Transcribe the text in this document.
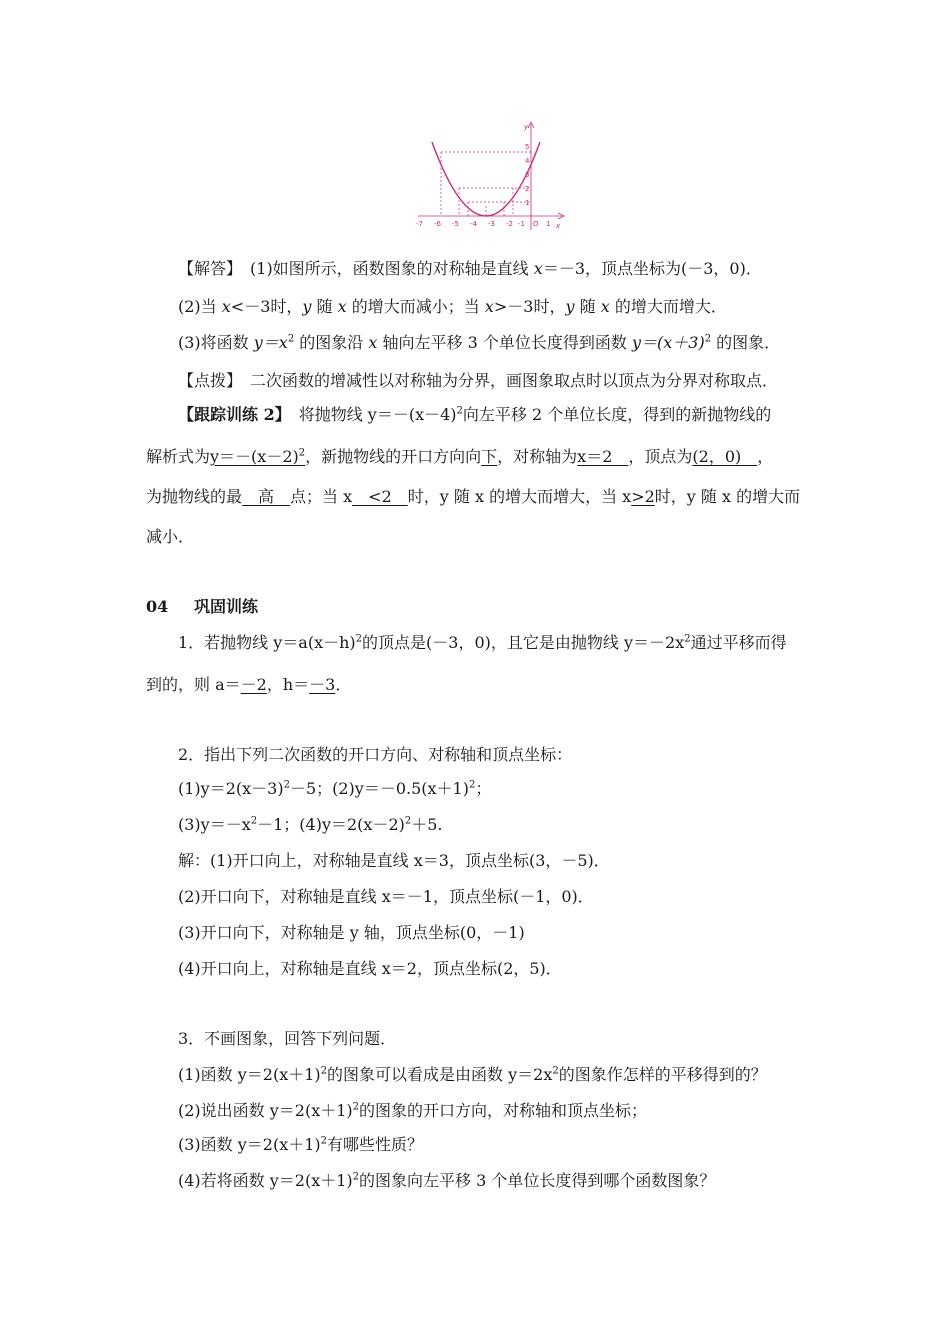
y
x
O
-7 -6 -5 -4 -3 -2 -1	1
5
4
3
2
1
【解答】　(1)如图所示，函数图象的对称轴是直线 x＝－3，顶点坐标为(－3，0)．
(2)当 x<－3时，y 随 x 的增大而减小；当 x>－3时，y 随 x 的增大而增大．
(3)将函数 $y=x^2$ 的图象沿 x 轴向左平移 3 个单位长度得到函数 $y=(x+3)^2$ 的图象．
【点拨】　二次函数的增减性以对称轴为分界，画图象取点时以顶点为分界对称取点．
【跟踪训练 2】　将抛物线 $y=-(x-4)^2$向左平移 2 个单位长度，得到的新抛物线的
解析式为$y=-(x-2)^2$，新抛物线的开口方向向下，对称轴为x＝2　，顶点为(2，0)　，
为抛物线的最　高　点；当 x　<2　时，y 随 x 的增大而增大，当 x>2时，y 随 x 的增大而
减小．
04 巩固训练
1．若抛物线 $y=a(x-h)^2$的顶点是(－3，0)，且它是由抛物线 $y=-2x^2$通过平移而得
到的，则 a＝－2，h＝－3．
2．指出下列二次函数的开口方向、对称轴和顶点坐标：
$(1)y=2(x-3)^2-5$；$(2)y=-0.5(x+1)^2$；
$(3)y=-x^2-1$；$(4)y=2(x-2)^2+5$.
解：(1)开口向上，对称轴是直线 x＝3，顶点坐标(3，－5)．
(2)开口向下，对称轴是直线 x＝－1，顶点坐标(－1，0)．
(3)开口向下，对称轴是 y 轴，顶点坐标(0，－1)
(4)开口向上，对称轴是直线 x＝2，顶点坐标(2，5)．
3．不画图象，回答下列问题．
(1)函数 $y=2(x+1)^2$的图象可以看成是由函数 $y=2x^2$的图象作怎样的平移得到的？
(2)说出函数 $y=2(x+1)^2$的图象的开口方向，对称轴和顶点坐标；
(3)函数 $y=2(x+1)^2$有哪些性质？
(4)若将函数 $y=2(x+1)^2$的图象向左平移 3 个单位长度得到哪个函数图象？
